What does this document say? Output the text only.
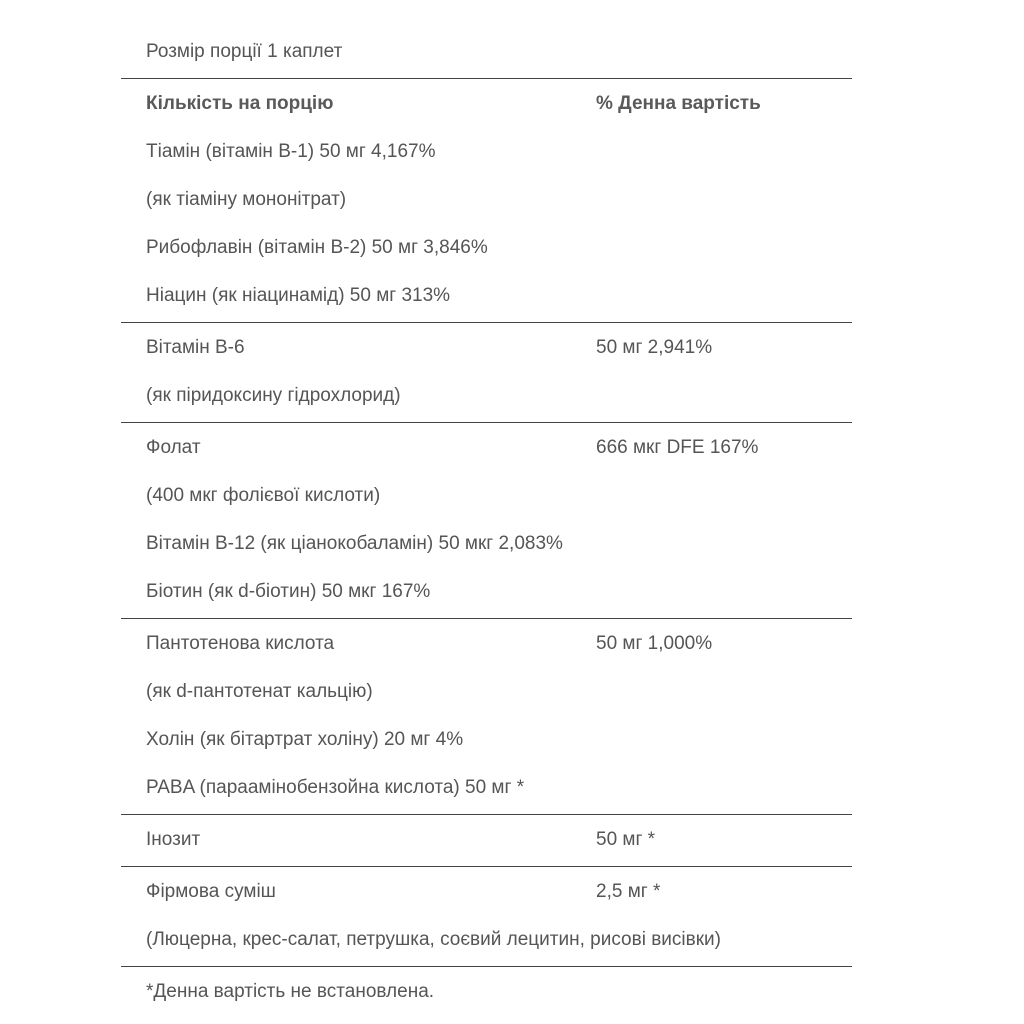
Розмір порції 1 каплет
Кількість на порцію	% Денна вартість
Тіамін (вітамін B-1) 50 мг 4,167%
(як тіаміну мононітрат)
Рибофлавін (вітамін B-2) 50 мг 3,846%
Ніацин (як ніацинамід) 50 мг 313%
Вітамін B-6	50 мг 2,941%
(як піридоксину гідрохлорид)
Фолат	666 мкг DFE 167%
(400 мкг фолієвої кислоти)
Вітамін B-12 (як ціанокобаламін) 50 мкг 2,083%
Біотин (як d-біотин) 50 мкг 167%
Пантотенова кислота	50 мг 1,000%
(як d-пантотенат кальцію)
Холін (як бітартрат холіну) 20 мг 4%
PABA (параамінобензойна кислота) 50 мг *
Інозит	50 мг *
Фірмова суміш	2,5 мг *
(Люцерна, крес-салат, петрушка, соєвий лецитин, рисові висівки)
*Денна вартість не встановлена.
